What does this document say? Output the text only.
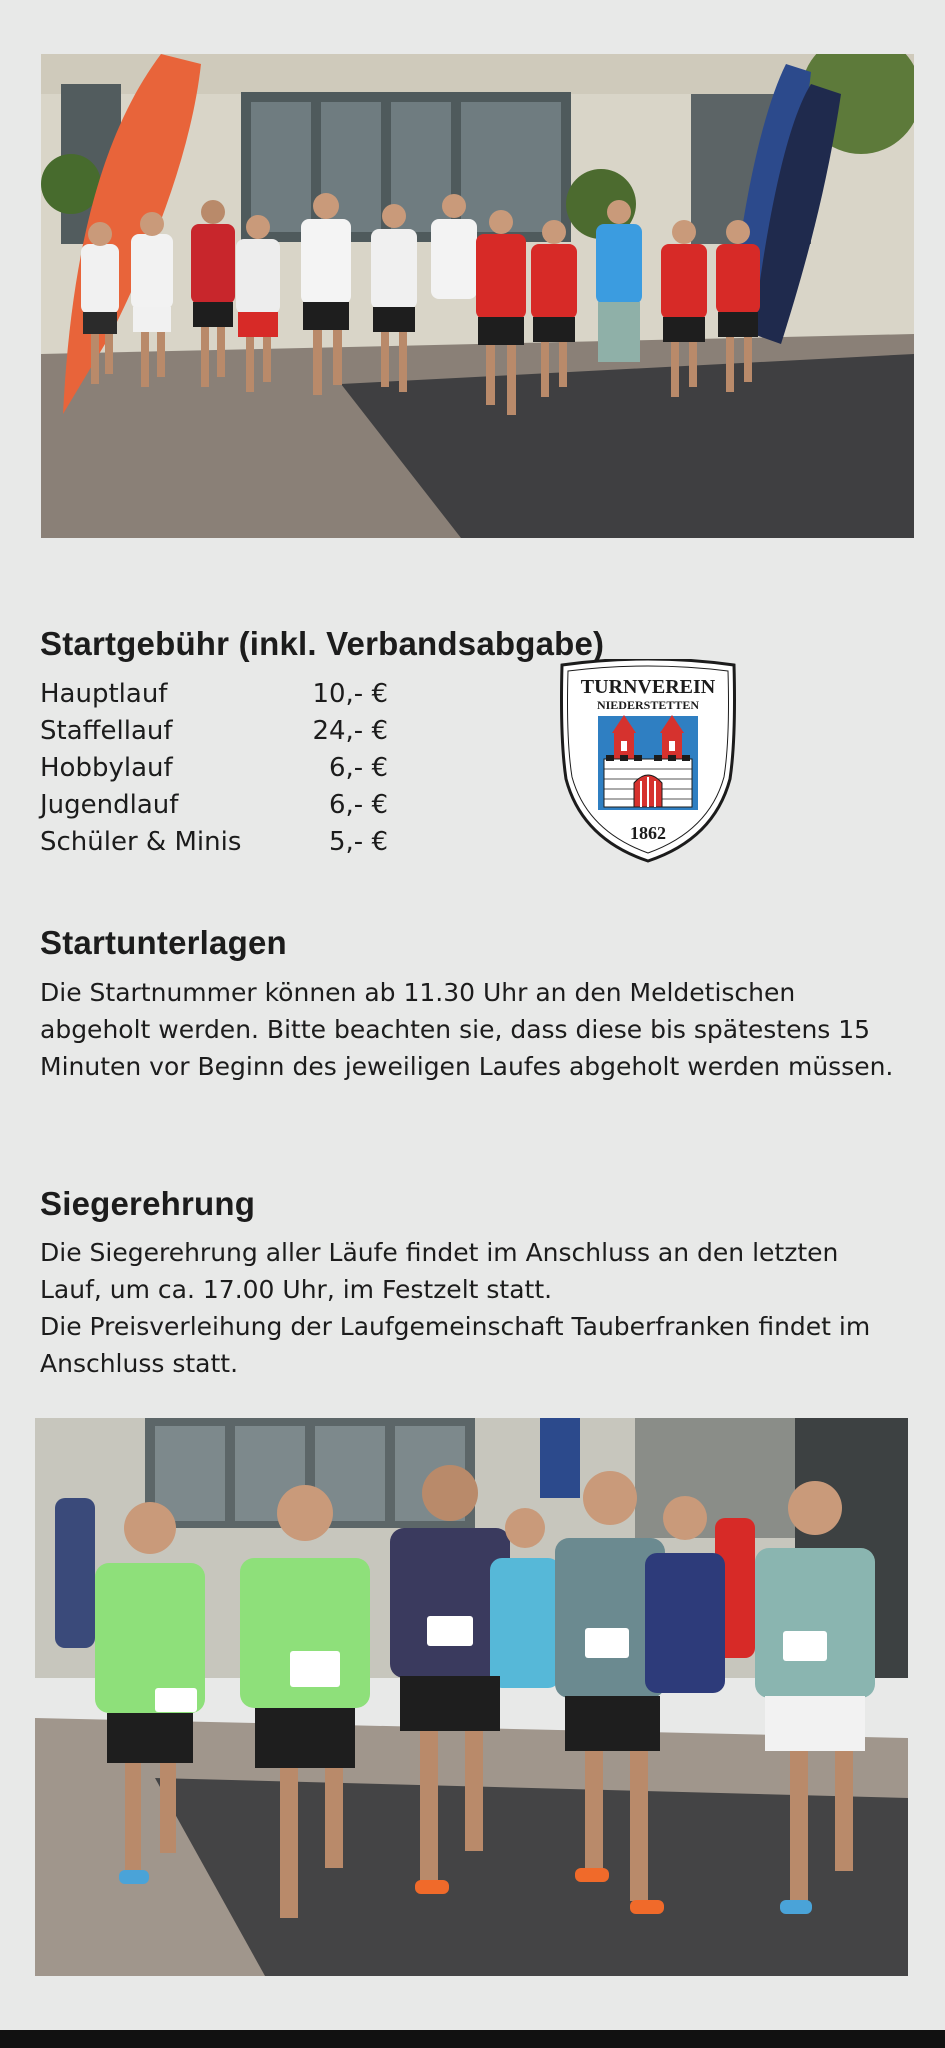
Startgebühr (inkl. Verbandsabgabe)
Hauptlauf	10,- €
Staffellauf	24,- €
Hobbylauf	6,- €
Jugendlauf	6,- €
Schüler & Minis	5,- €
TURNVEREIN
NIEDERSTETTEN
1862
Startunterlagen

Die Startnummer können ab 11.30 Uhr an den Meldetischen abgeholt werden. Bitte beachten sie, dass diese bis spätestens 15 Minuten vor Beginn des jeweiligen Laufes abgeholt werden müssen.

Siegerehrung
Die Siegerehrung aller Läufe findet im Anschluss an den letzten Lauf, um ca. 17.00 Uhr, im Festzelt statt.
Die Preisverleihung der Laufgemeinschaft Tauberfranken findet im Anschluss statt.
